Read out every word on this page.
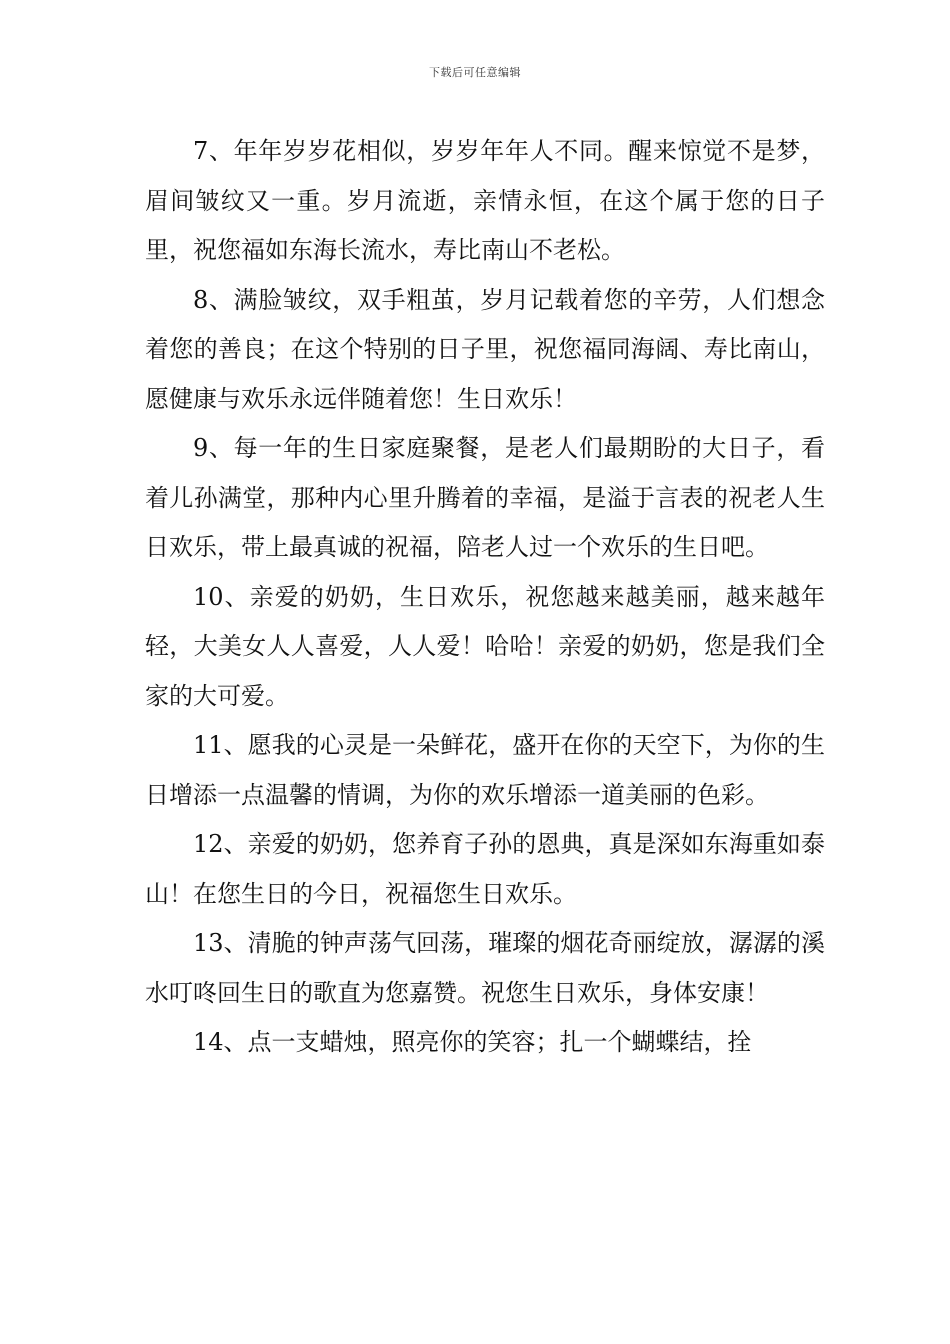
下载后可任意编辑

7、年年岁岁花相似，岁岁年年人不同。醒来惊觉不是梦，眉间皱纹又一重。岁月流逝，亲情永恒，在这个属于您的日子里，祝您福如东海长流水，寿比南山不老松。

8、满脸皱纹，双手粗茧，岁月记载着您的辛劳，人们想念着您的善良；在这个特别的日子里，祝您福同海阔、寿比南山，愿健康与欢乐永远伴随着您！生日欢乐！

9、每一年的生日家庭聚餐，是老人们最期盼的大日子，看着儿孙满堂，那种内心里升腾着的幸福，是溢于言表的祝老人生日欢乐，带上最真诚的祝福，陪老人过一个欢乐的生日吧。

10、亲爱的奶奶，生日欢乐，祝您越来越美丽，越来越年轻，大美女人人喜爱，人人爱！哈哈！亲爱的奶奶，您是我们全家的大可爱。

11、愿我的心灵是一朵鲜花，盛开在你的天空下，为你的生日增添一点温馨的情调，为你的欢乐增添一道美丽的色彩。

12、亲爱的奶奶，您养育子孙的恩典，真是深如东海重如泰山！在您生日的今日，祝福您生日欢乐。

13、清脆的钟声荡气回荡，璀璨的烟花奇丽绽放，潺潺的溪水叮咚回生日的歌直为您嘉赞。祝您生日欢乐，身体安康！

14、点一支蜡烛，照亮你的笑容；扎一个蝴蝶结，拴
